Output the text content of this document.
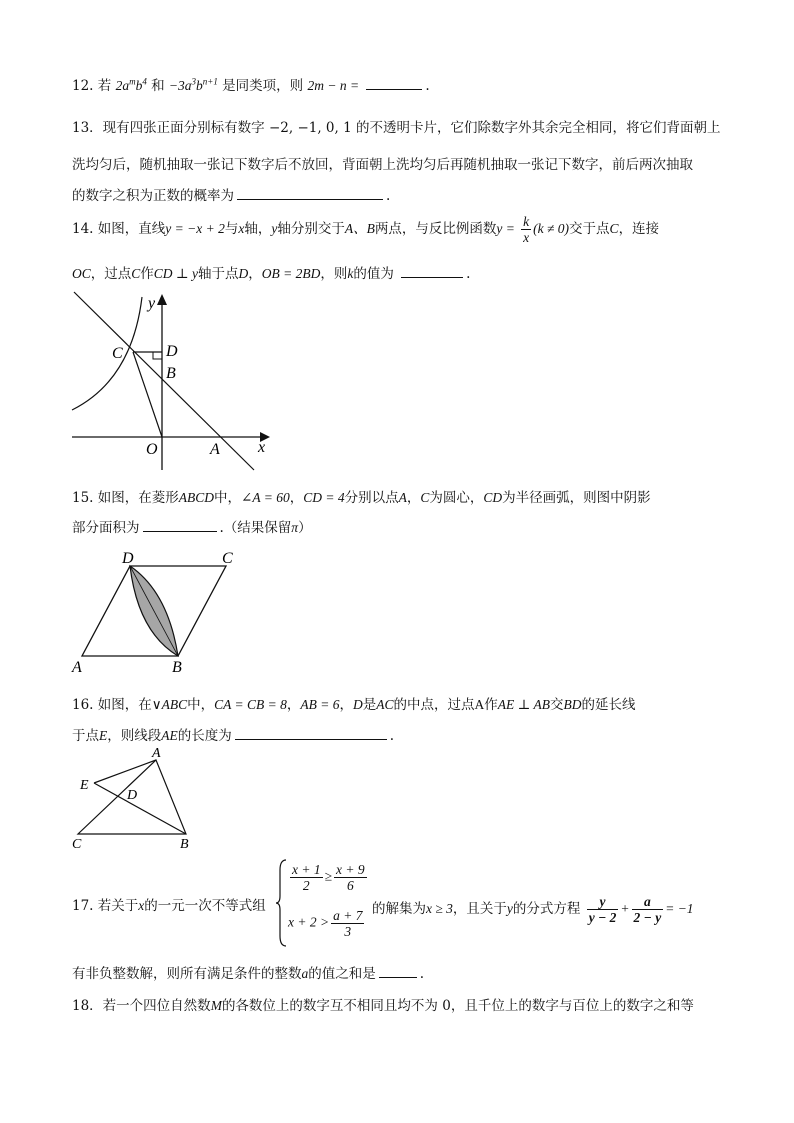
12. 若 $2a^mb^4$ 和 $-3a^3b^{n+1}$ 是同类项，则 2m − n =	.
13．现有四张正面分别标有数字 −2, −1, 0, 1 的不透明卡片，它们除数字外其余完全相同，将它们背面朝上
洗均匀后，随机抽取一张记下数字后不放回，背面朝上洗均匀后再随机抽取一张记下数字，前后两次抽取
的数字之积为正数的概率为	.
14. 如图，直线y = −x + 2与x轴，y轴分别交于A、B两点，与反比例函数$y = \frac{k}{x} (k \ne 0)$交于点C，连接
OC，过点C作CD ⊥ y轴于点D，OB = 2BD，则k的值为	.
y
C	D
B
O	A x
15. 如图，在菱形ABCD中，∠A = 60，CD = 4分别以点A，C为圆心，CD为半径画弧，则图中阴影
部分面积为	.（结果保留π）
D	C
A	B
16. 如图，在∨ABC中，CA = CB = 8，AB = 6，D是AC的中点，过点A作AE ⊥ AB交BD的延长线
于点E，则线段AE的长度为	.
A
E
D
C	B
17. 若关于x的一元一次不等式组
$\frac{x + 1}{2} \ge \frac{x + 9}{6}$
$x + 2 > \frac{a + 7}{3}$ 的解集为x ≥ 3，且关于y的分式方程 $\frac{y}{y - 2} + \frac{a}{2 - y} = -1$
有非负整数解，则所有满足条件的整数a的值之和是	.
18．若一个四位自然数M的各数位上的数字互不相同且均不为 0，且千位上的数字与百位上的数字之和等
